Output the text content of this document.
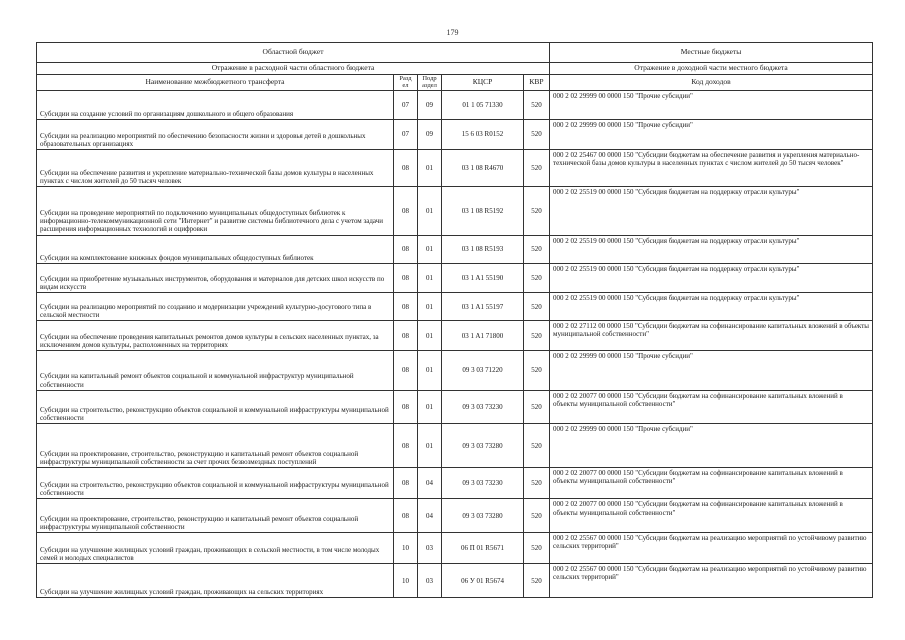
179
Областной бюджет					Местные бюджеты
Отражение в расходной части областного бюджета					Отражение в доходной части местного бюджета
Наименование межбюджетного трансферта	Разд ел	Подр аздел	КЦСР	КВР	Код доходов
Субсидии на создание условий по организациям дошкольного и общего образования	07	09	01 1 05 71330	520	000 2 02 29999 00 0000 150 "Прочие субсидии"
Субсидии на реализацию мероприятий по обеспечению безопасности жизни и здоровья детей в дошкольных образовательных организациях	07	09	15 6 03 R0152	520	000 2 02 29999 00 0000 150 "Прочие субсидии"
Субсидии на обеспечение развития и укрепление материально-технической базы домов культуры в населенных пунктах с числом жителей до 50 тысяч человек	08	01	03 1 08 R4670	520	000 2 02 25467 00 0000 150 "Субсидии бюджетам на обеспечение развития и укрепления материально-технической базы домов культуры в населенных пунктах с числом жителей до 50 тысяч человек"
Субсидии на проведение мероприятий по подключению муниципальных общедоступных библиотек к информационно-телекоммуникационной сети "Интернет" и развитие системы библиотечного дела с учетом задачи расширения информационных технологий и оцифровки	08	01	03 1 08 R5192	520	000 2 02 25519 00 0000 150 "Субсидия бюджетам на поддержку отрасли культуры"
Субсидии на комплектование книжных фондов муниципальных общедоступных библиотек	08	01	03 1 08 R5193	520	000 2 02 25519 00 0000 150 "Субсидия бюджетам на поддержку отрасли культуры"
Субсидии на приобретение музыкальных инструментов, оборудования и материалов для детских школ искусств по видам искусств	08	01	03 1 A1 55190	520	000 2 02 25519 00 0000 150 "Субсидия бюджетам на поддержку отрасли культуры"
Субсидии на реализацию мероприятий по созданию и модернизации учреждений культурно-досугового типа в сельской местности	08	01	03 1 A1 55197	520	000 2 02 25519 00 0000 150 "Субсидия бюджетам на поддержку отрасли культуры"
Субсидии на обеспечение проведения капитальных ремонтов домов культуры в сельских населенных пунктах, за исключением домов культуры, расположенных на территориях	08	01	03 1 A1 71800	520	000 2 02 27112 00 0000 150 "Субсидии бюджетам на софинансирование капитальных вложений в объекты муниципальной собственности"
Субсидии на капитальный ремонт объектов социальной и коммунальной инфраструктур муниципальной собственности	08	01	09 3 03 71220	520	000 2 02 29999 00 0000 150 "Прочие субсидии"
Субсидии на строительство, реконструкцию объектов социальной и коммунальной инфраструктуры муниципальной собственности	08	01	09 3 03 73230	520	000 2 02 20077 00 0000 150 "Субсидии бюджетам на софинансирование капитальных вложений в объекты муниципальной собственности"
Субсидии на проектирование, строительство, реконструкцию и капитальный ремонт объектов социальной инфраструктуры муниципальной собственности за счет прочих безвозмездных поступлений	08	01	09 3 03 73280	520	000 2 02 29999 00 0000 150 "Прочие субсидии"
Субсидии на строительство, реконструкцию объектов социальной и коммунальной инфраструктуры муниципальной собственности	08	04	09 3 03 73230	520	000 2 02 20077 00 0000 150 "Субсидии бюджетам на софинансирование капитальных вложений в объекты муниципальной собственности"
Субсидии на проектирование, строительство, реконструкцию и капитальный ремонт объектов социальной инфраструктуры муниципальной собственности	08	04	09 3 03 73280	520	000 2 02 20077 00 0000 150 "Субсидии бюджетам на софинансирование капитальных вложений в объекты муниципальной собственности"
Субсидии на улучшение жилищных условий граждан, проживающих в сельской местности, в том числе молодых семей и молодых специалистов	10	03	06 П 01 R5671	520	000 2 02 25567 00 0000 150 "Субсидии бюджетам на реализацию мероприятий по устойчивому развитию сельских территорий"
Субсидии на улучшение жилищных условий граждан, проживающих на сельских территориях	10	03	06 У 01 R5674	520	000 2 02 25567 00 0000 150 "Субсидии бюджетам на реализацию мероприятий по устойчивому развитию сельских территорий"
